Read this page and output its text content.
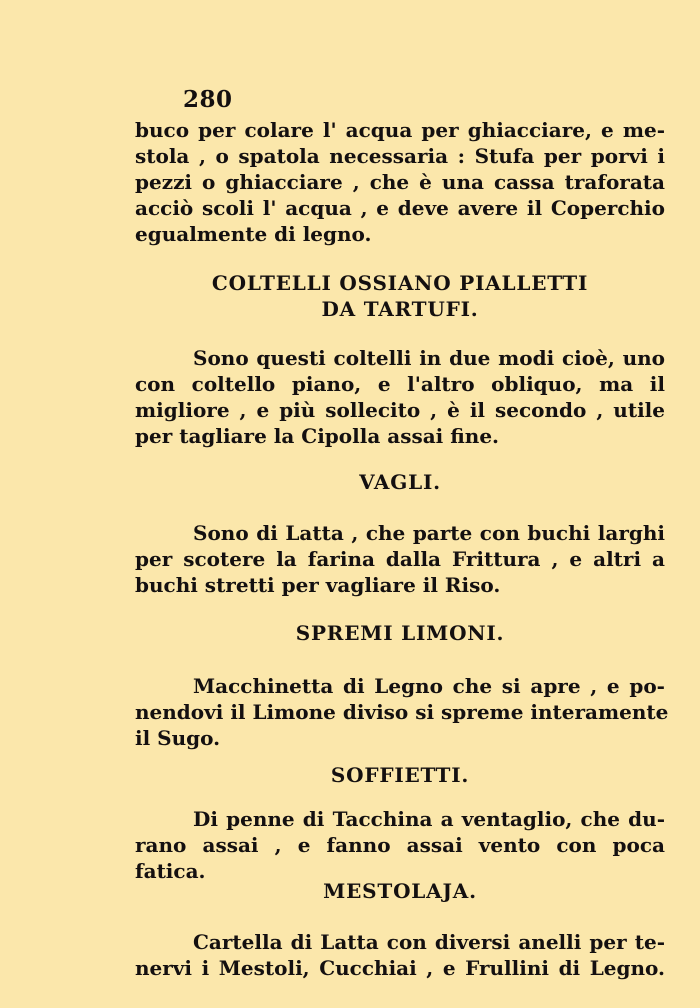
280
buco per colare l' acqua per ghiacciare, e me-
stola , o spatola necessaria : Stufa per porvi i
pezzi o ghiacciare , che è una cassa traforata
acciò scoli l' acqua , e deve avere il Coperchio
egualmente di legno.
COLTELLI OSSIANO PIALLETTI
DA TARTUFI.
Sono questi coltelli in due modi cioè, uno
con coltello piano, e l'altro obliquo, ma il
migliore , e più sollecito , è il secondo , utile
per tagliare la Cipolla assai fine.
VAGLI.
Sono di Latta , che parte con buchi larghi
per scotere la farina dalla Frittura , e altri a
buchi stretti per vagliare il Riso.
SPREMI LIMONI.
Macchinetta di Legno che si apre , e po-
nendovi il Limone diviso si spreme interamente
il Sugo.
SOFFIETTI.
Di penne di Tacchina a ventaglio, che du-
rano assai , e fanno assai vento con poca
fatica.
MESTOLAJA.
Cartella di Latta con diversi anelli per te-
nervi i Mestoli, Cucchiai , e Frullini di Legno.
